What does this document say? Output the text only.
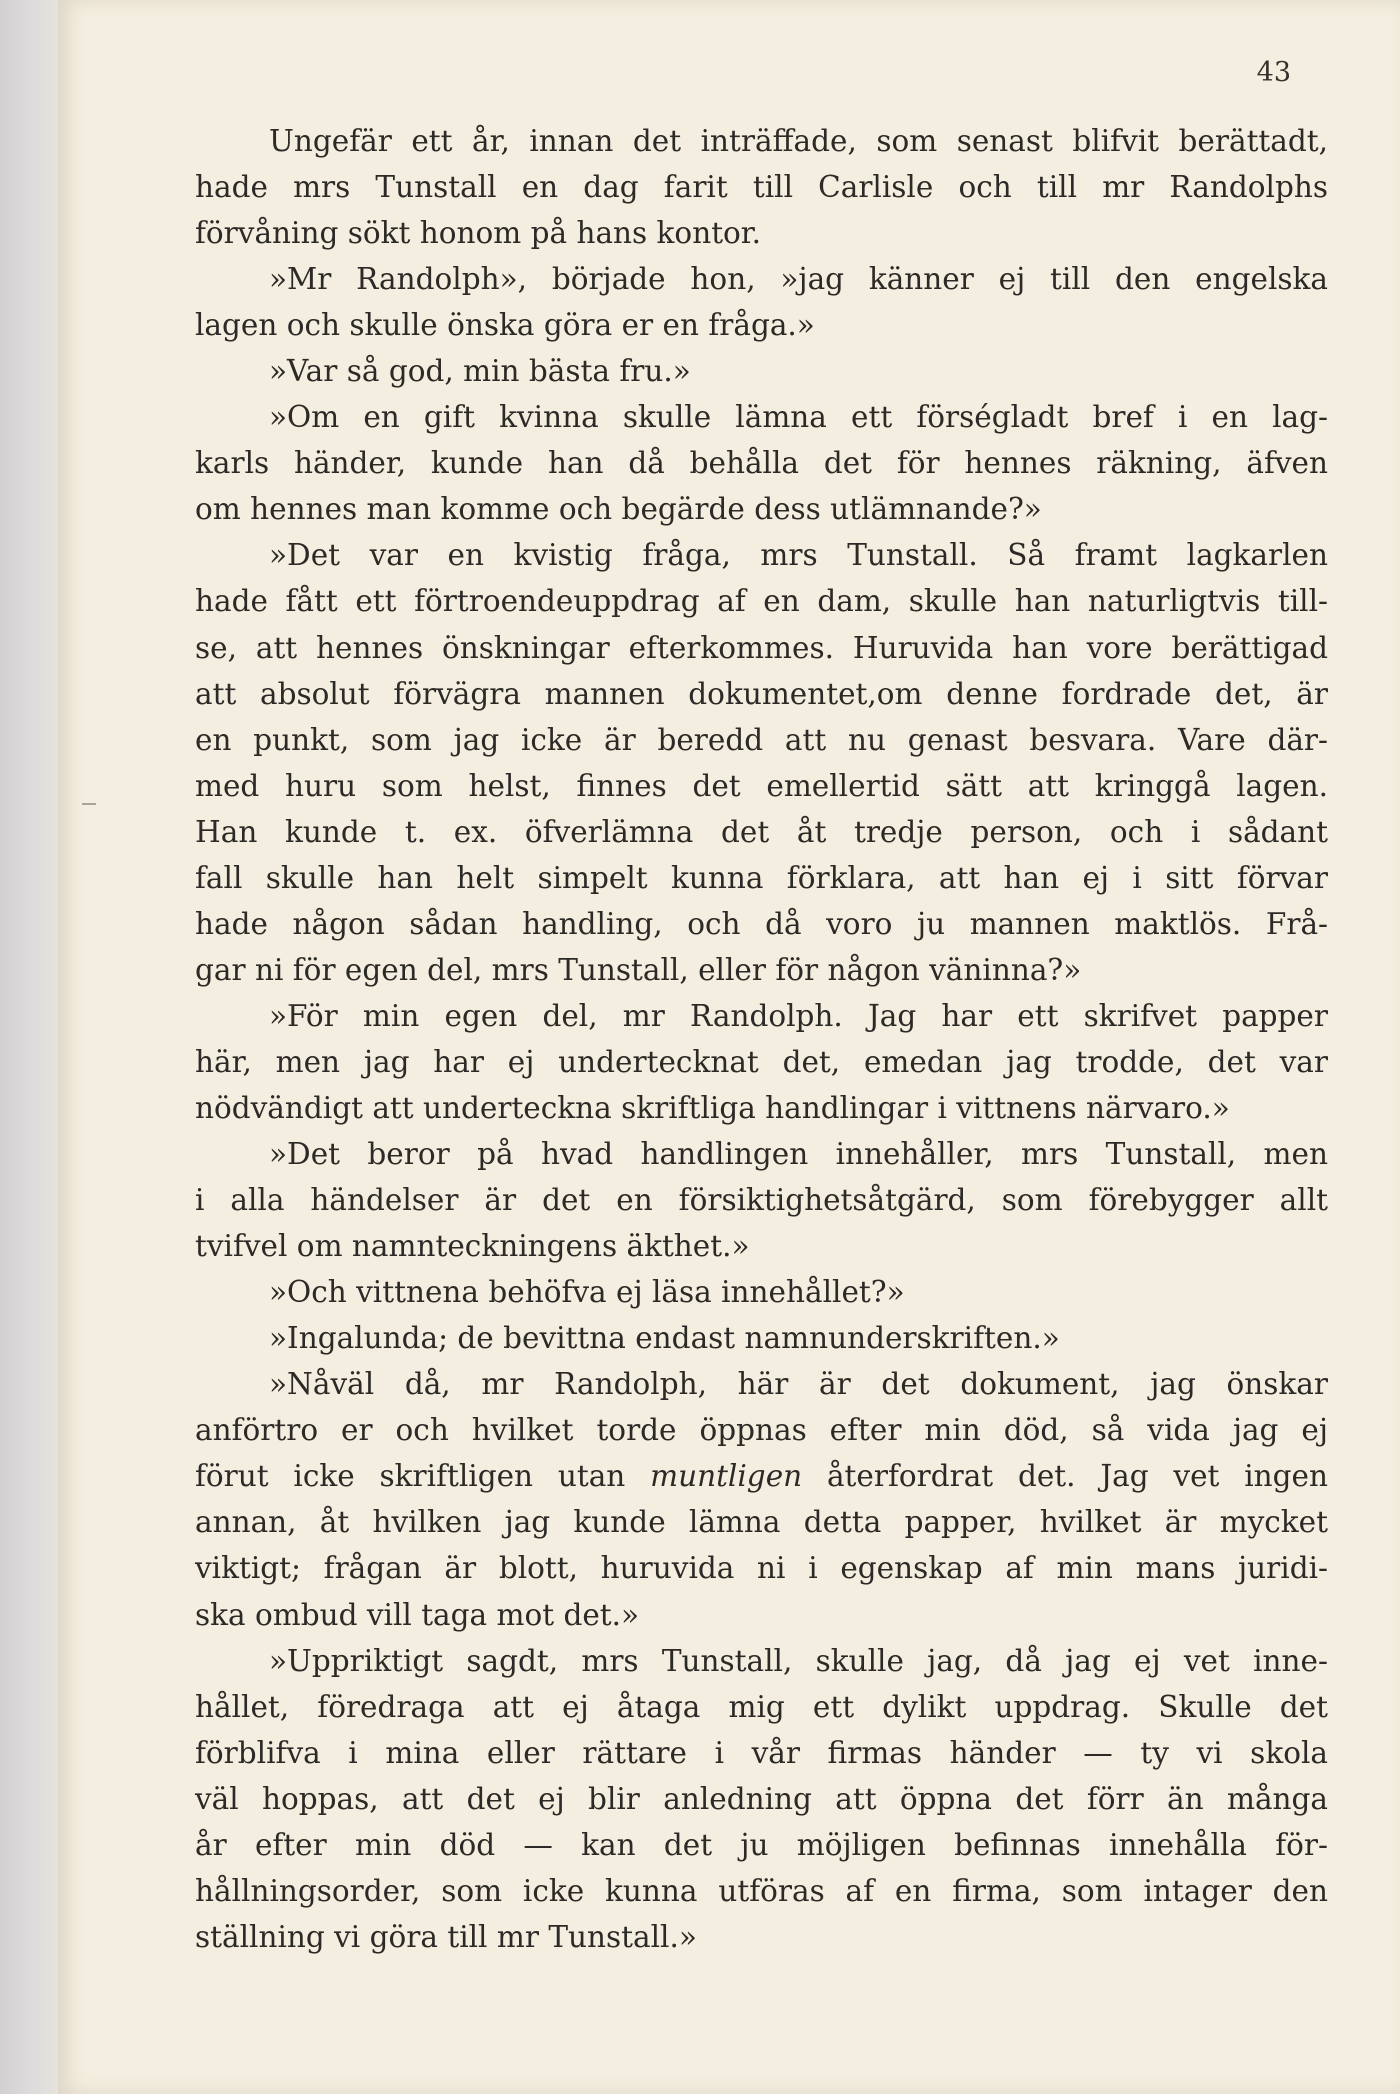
43
Ungefär ett år, innan det inträffade, som senast blifvit berättadt,
hade mrs Tunstall en dag farit till Carlisle och till mr Randolphs
förvåning sökt honom på hans kontor.
»Mr Randolph», började hon, »jag känner ej till den engelska
lagen och skulle önska göra er en fråga.»
»Var så god, min bästa fru.»
»Om en gift kvinna skulle lämna ett förségladt bref i en lag-
karls händer, kunde han då behålla det för hennes räkning, äfven
om hennes man komme och begärde dess utlämnande?»
»Det var en kvistig fråga, mrs Tunstall. Så framt lagkarlen
hade fått ett förtroendeuppdrag af en dam, skulle han naturligtvis till-
se, att hennes önskningar efterkommes. Huruvida han vore berättigad
att absolut förvägra mannen dokumentet,om denne fordrade det, är
en punkt, som jag icke är beredd att nu genast besvara. Vare där-
med huru som helst, finnes det emellertid sätt att kringgå lagen.
Han kunde t. ex. öfverlämna det åt tredje person, och i sådant
fall skulle han helt simpelt kunna förklara, att han ej i sitt förvar
hade någon sådan handling, och då voro ju mannen maktlös. Frå-
gar ni för egen del, mrs Tunstall, eller för någon väninna?»
»För min egen del, mr Randolph. Jag har ett skrifvet papper
här, men jag har ej undertecknat det, emedan jag trodde, det var
nödvändigt att underteckna skriftliga handlingar i vittnens närvaro.»
»Det beror på hvad handlingen innehåller, mrs Tunstall, men
i alla händelser är det en försiktighetsåtgärd, som förebygger allt
tvifvel om namnteckningens äkthet.»
»Och vittnena behöfva ej läsa innehållet?»
»Ingalunda; de bevittna endast namnunderskriften.»
»Nåväl då, mr Randolph, här är det dokument, jag önskar
anförtro er och hvilket torde öppnas efter min död, så vida jag ej
förut icke skriftligen utan muntligen återfordrat det. Jag vet ingen
annan, åt hvilken jag kunde lämna detta papper, hvilket är mycket
viktigt; frågan är blott, huruvida ni i egenskap af min mans juridi-
ska ombud vill taga mot det.»
»Uppriktigt sagdt, mrs Tunstall, skulle jag, då jag ej vet inne-
hållet, föredraga att ej åtaga mig ett dylikt uppdrag. Skulle det
förblifva i mina eller rättare i vår firmas händer — ty vi skola
väl hoppas, att det ej blir anledning att öppna det förr än många
år efter min död — kan det ju möjligen befinnas innehålla för-
hållningsorder, som icke kunna utföras af en firma, som intager den
ställning vi göra till mr Tunstall.»
